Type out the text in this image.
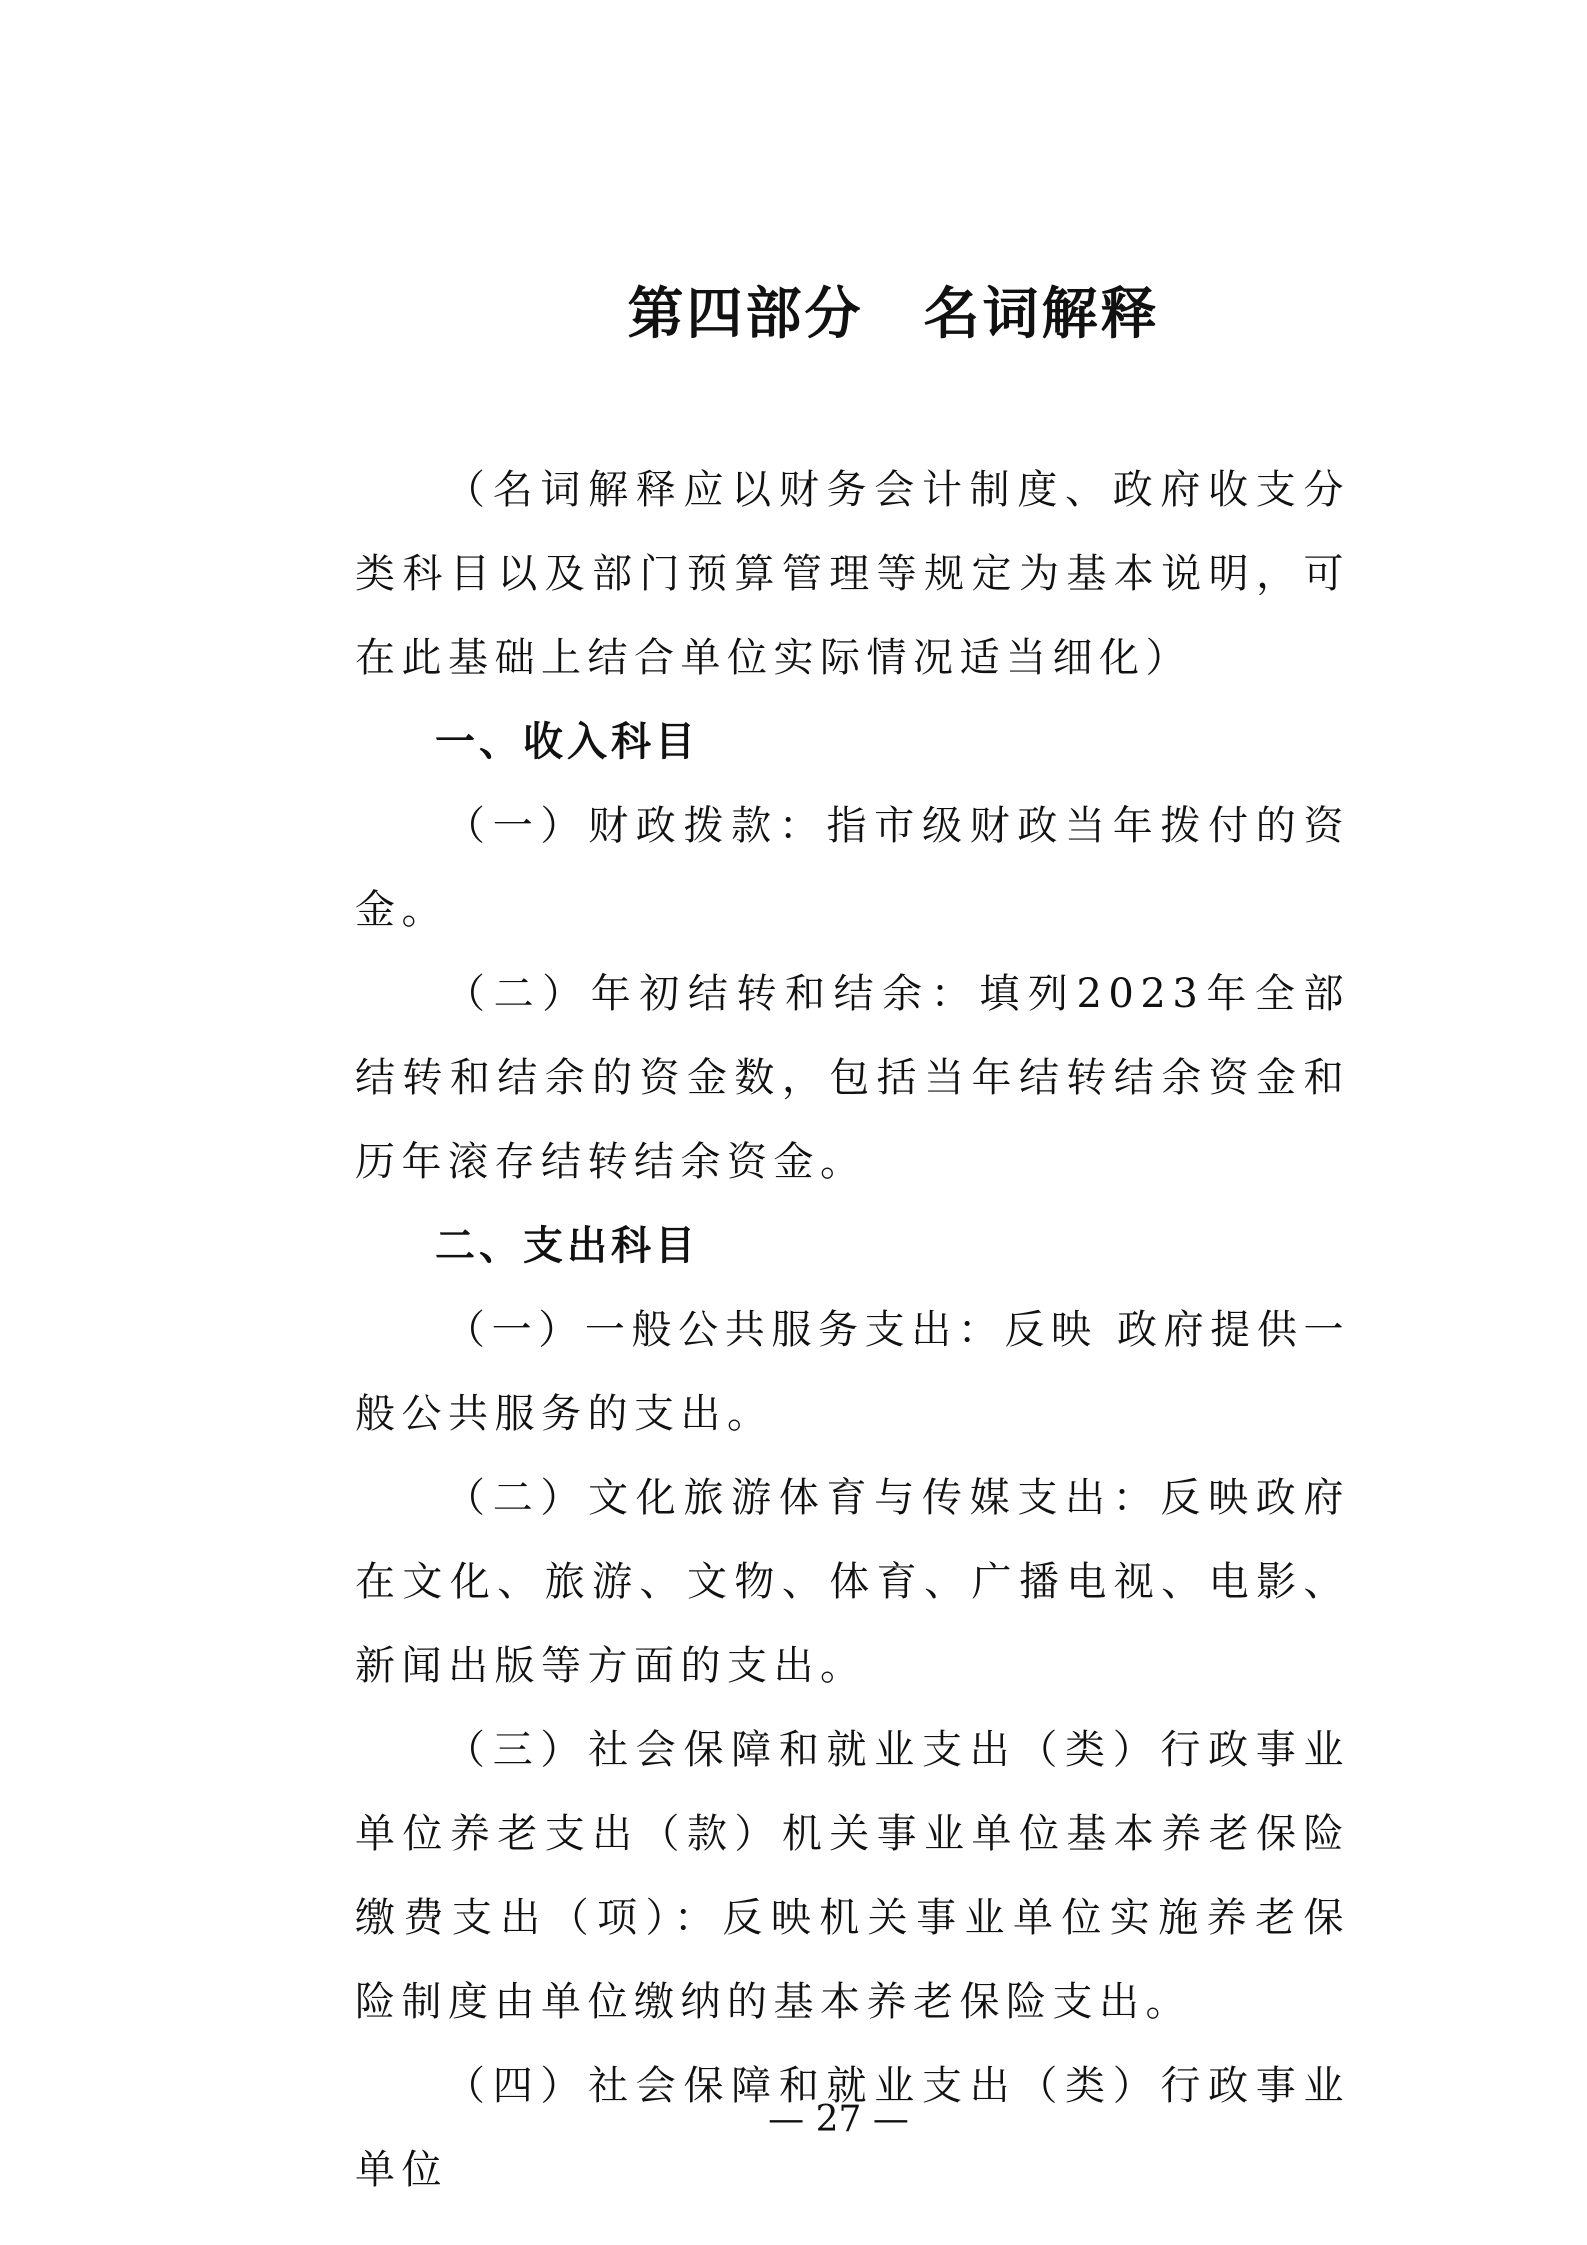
第四部分 名词解释

（名词解释应以财务会计制度、政府收支分类科目以及部门预算管理等规定为基本说明，可在此基础上结合单位实际情况适当细化）

一、收入科目

（一）财政拨款：指市级财政当年拨付的资金。

（二）年初结转和结余：填列2023年全部结转和结余的资金数，包括当年结转结余资金和历年滚存结转结余资金。

二、支出科目

（一）一般公共服务支出：反映 政府提供一般公共服务的支出。

（二）文化旅游体育与传媒支出：反映政府在文化、旅游、文物、体育、广播电视、电影、新闻出版等方面的支出。

（三）社会保障和就业支出（类）行政事业单位养老支出（款）机关事业单位基本养老保险缴费支出（项）：反映机关事业单位实施养老保险制度由单位缴纳的基本养老保险支出。

（四）社会保障和就业支出（类）行政事业单位

— 27 —
